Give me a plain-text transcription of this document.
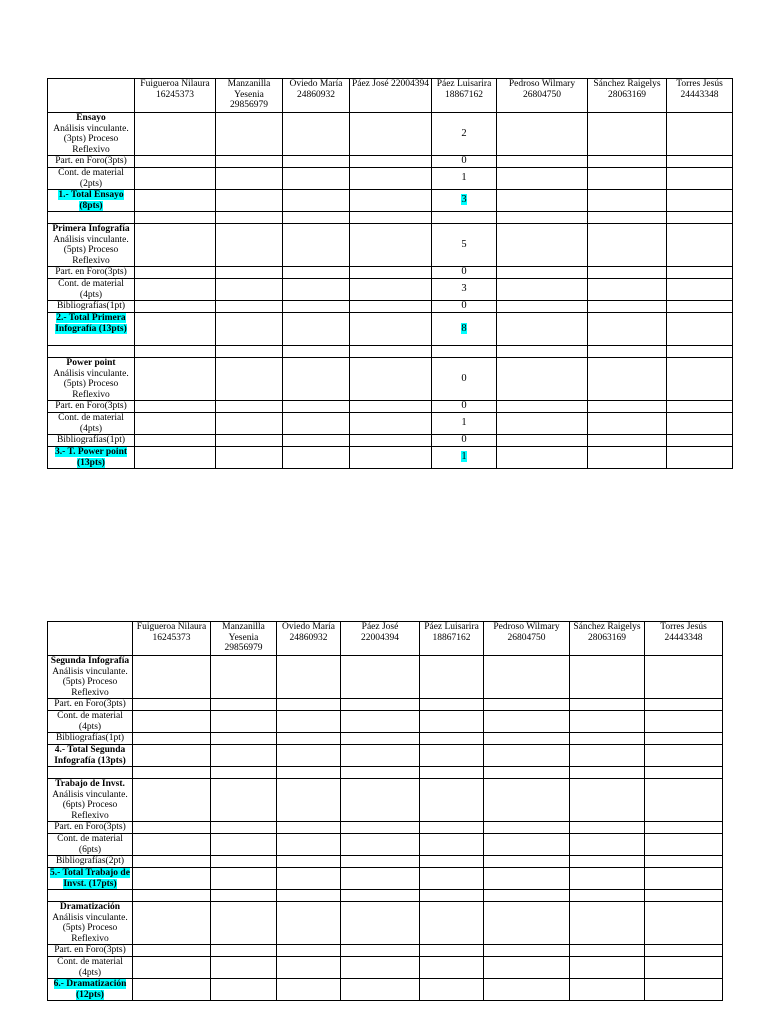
	Fuigueroa Nilaura 16245373	Manzanilla Yesenia 29856979	Oviedo María 24860932	Páez José 22004394	Páez Luisarira 18867162	Pedroso Wilmary 26804750	Sánchez Raigelys 28063169	Torres Jesús 24443348
Ensayo
Análisis vinculante. (3pts) Proceso Reflexivo					2			
Part. en Foro(3pts)					0			
Cont. de material (2pts)					1			
1.- Total Ensayo (8pts)					3			

Primera Infografía
Análisis vinculante. (5pts) Proceso Reflexivo					5			
Part. en Foro(3pts)					0			
Cont. de material (4pts)					3			
Bibliografías(1pt)					0			
2.- Total Primera Infografía (13pts)					8			

Power point
Análisis vinculante. (5pts) Proceso Reflexivo					0			
Part. en Foro(3pts)					0			
Cont. de material (4pts)					1			
Bibliografías(1pt)					0			
3.- T. Power point (13pts)					1			
	Fuigueroa Nilaura 16245373	Manzanilla Yesenia 29856979	Oviedo María 24860932	Páez José 22004394	Páez Luisarira 18867162	Pedroso Wilmary 26804750	Sánchez Raigelys 28063169	Torres Jesús 24443348
Segunda Infografía
Análisis vinculante. (5pts) Proceso Reflexivo								
Part. en Foro(3pts)								
Cont. de material (4pts)								
Bibliografías(1pt)								
4.- Total Segunda Infografía (13pts)								

Trabajo de Invst.
Análisis vinculante. (6pts) Proceso Reflexivo								
Part. en Foro(3pts)								
Cont. de material (6pts)								
Bibliografías(2pt)								
5.- Total Trabajo de Invst. (17pts)								

Dramatización
Análisis vinculante. (5pts) Proceso Reflexivo								
Part. en Foro(3pts)								
Cont. de material (4pts)								
6.- Dramatización (12pts)								
